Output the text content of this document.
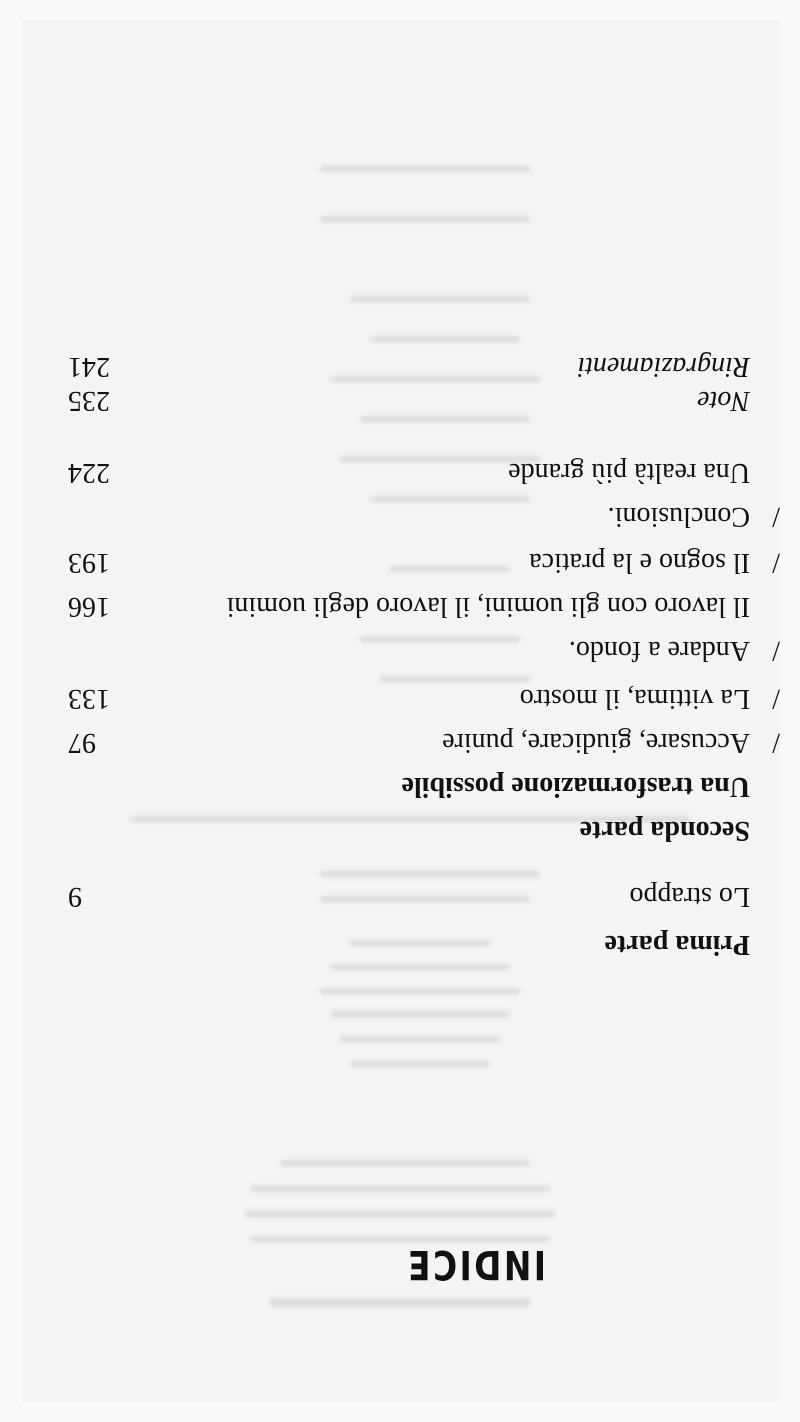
INDICE
Prima parte
Lo strappo
9
Seconda parte
Una trasformazione possibile
/
Accusare, giudicare, punire
97
/
La vittima, il mostro
133
/
Andare a fondo.
Il lavoro con gli uomini, il lavoro degli uomini
166
/
Il sogno e la pratica
193
/
Conclusioni.
Una realtà più grande
224
Note
235
Ringraziamenti
241
